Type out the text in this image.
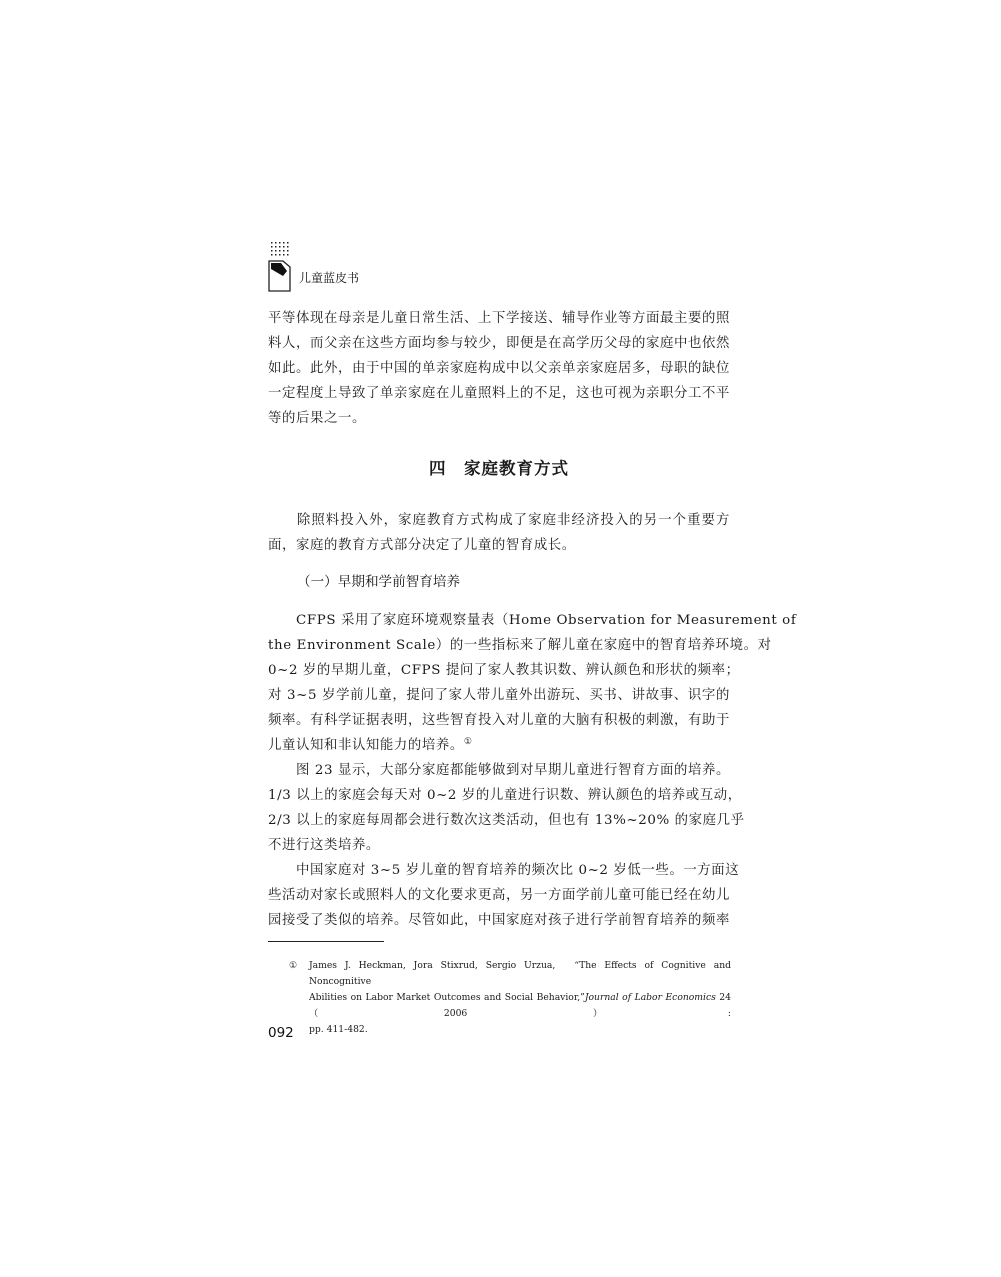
儿童蓝皮书

平等体现在母亲是儿童日常生活、上下学接送、辅导作业等方面最主要的照
料人，而父亲在这些方面均参与较少，即便是在高学历父母的家庭中也依然
如此。此外，由于中国的单亲家庭构成中以父亲单亲家庭居多，母职的缺位
一定程度上导致了单亲家庭在儿童照料上的不足，这也可视为亲职分工不平
等的后果之一。

四　家庭教育方式

　　除照料投入外，家庭教育方式构成了家庭非经济投入的另一个重要方
面，家庭的教育方式部分决定了儿童的智育成长。

（一）早期和学前智育培养

　　CFPS 采用了家庭环境观察量表（Home Observation for Measurement of
the Environment Scale）的一些指标来了解儿童在家庭中的智育培养环境。对
0~2 岁的早期儿童，CFPS 提问了家人教其识数、辨认颜色和形状的频率；
对 3~5 岁学前儿童，提问了家人带儿童外出游玩、买书、讲故事、识字的
频率。有科学证据表明，这些智育投入对儿童的大脑有积极的刺激，有助于
儿童认知和非认知能力的培养。①

　　图 23 显示，大部分家庭都能够做到对早期儿童进行智育方面的培养。
1/3 以上的家庭会每天对 0~2 岁的儿童进行识数、辨认颜色的培养或互动，
2/3 以上的家庭每周都会进行数次这类活动，但也有 13%~20% 的家庭几乎
不进行这类培养。

　　中国家庭对 3~5 岁儿童的智育培养的频次比 0~2 岁低一些。一方面这
些活动对家长或照料人的文化要求更高，另一方面学前儿童可能已经在幼儿
园接受了类似的培养。尽管如此，中国家庭对孩子进行学前智育培养的频率

① James J. Heckman, Jora Stixrud, Sergio Urzua,　“The Effects of Cognitive and Noncognitive
Abilities on Labor Market Outcomes and Social Behavior,”Journal of Labor Economics 24（2006）:
pp. 411-482.
092
